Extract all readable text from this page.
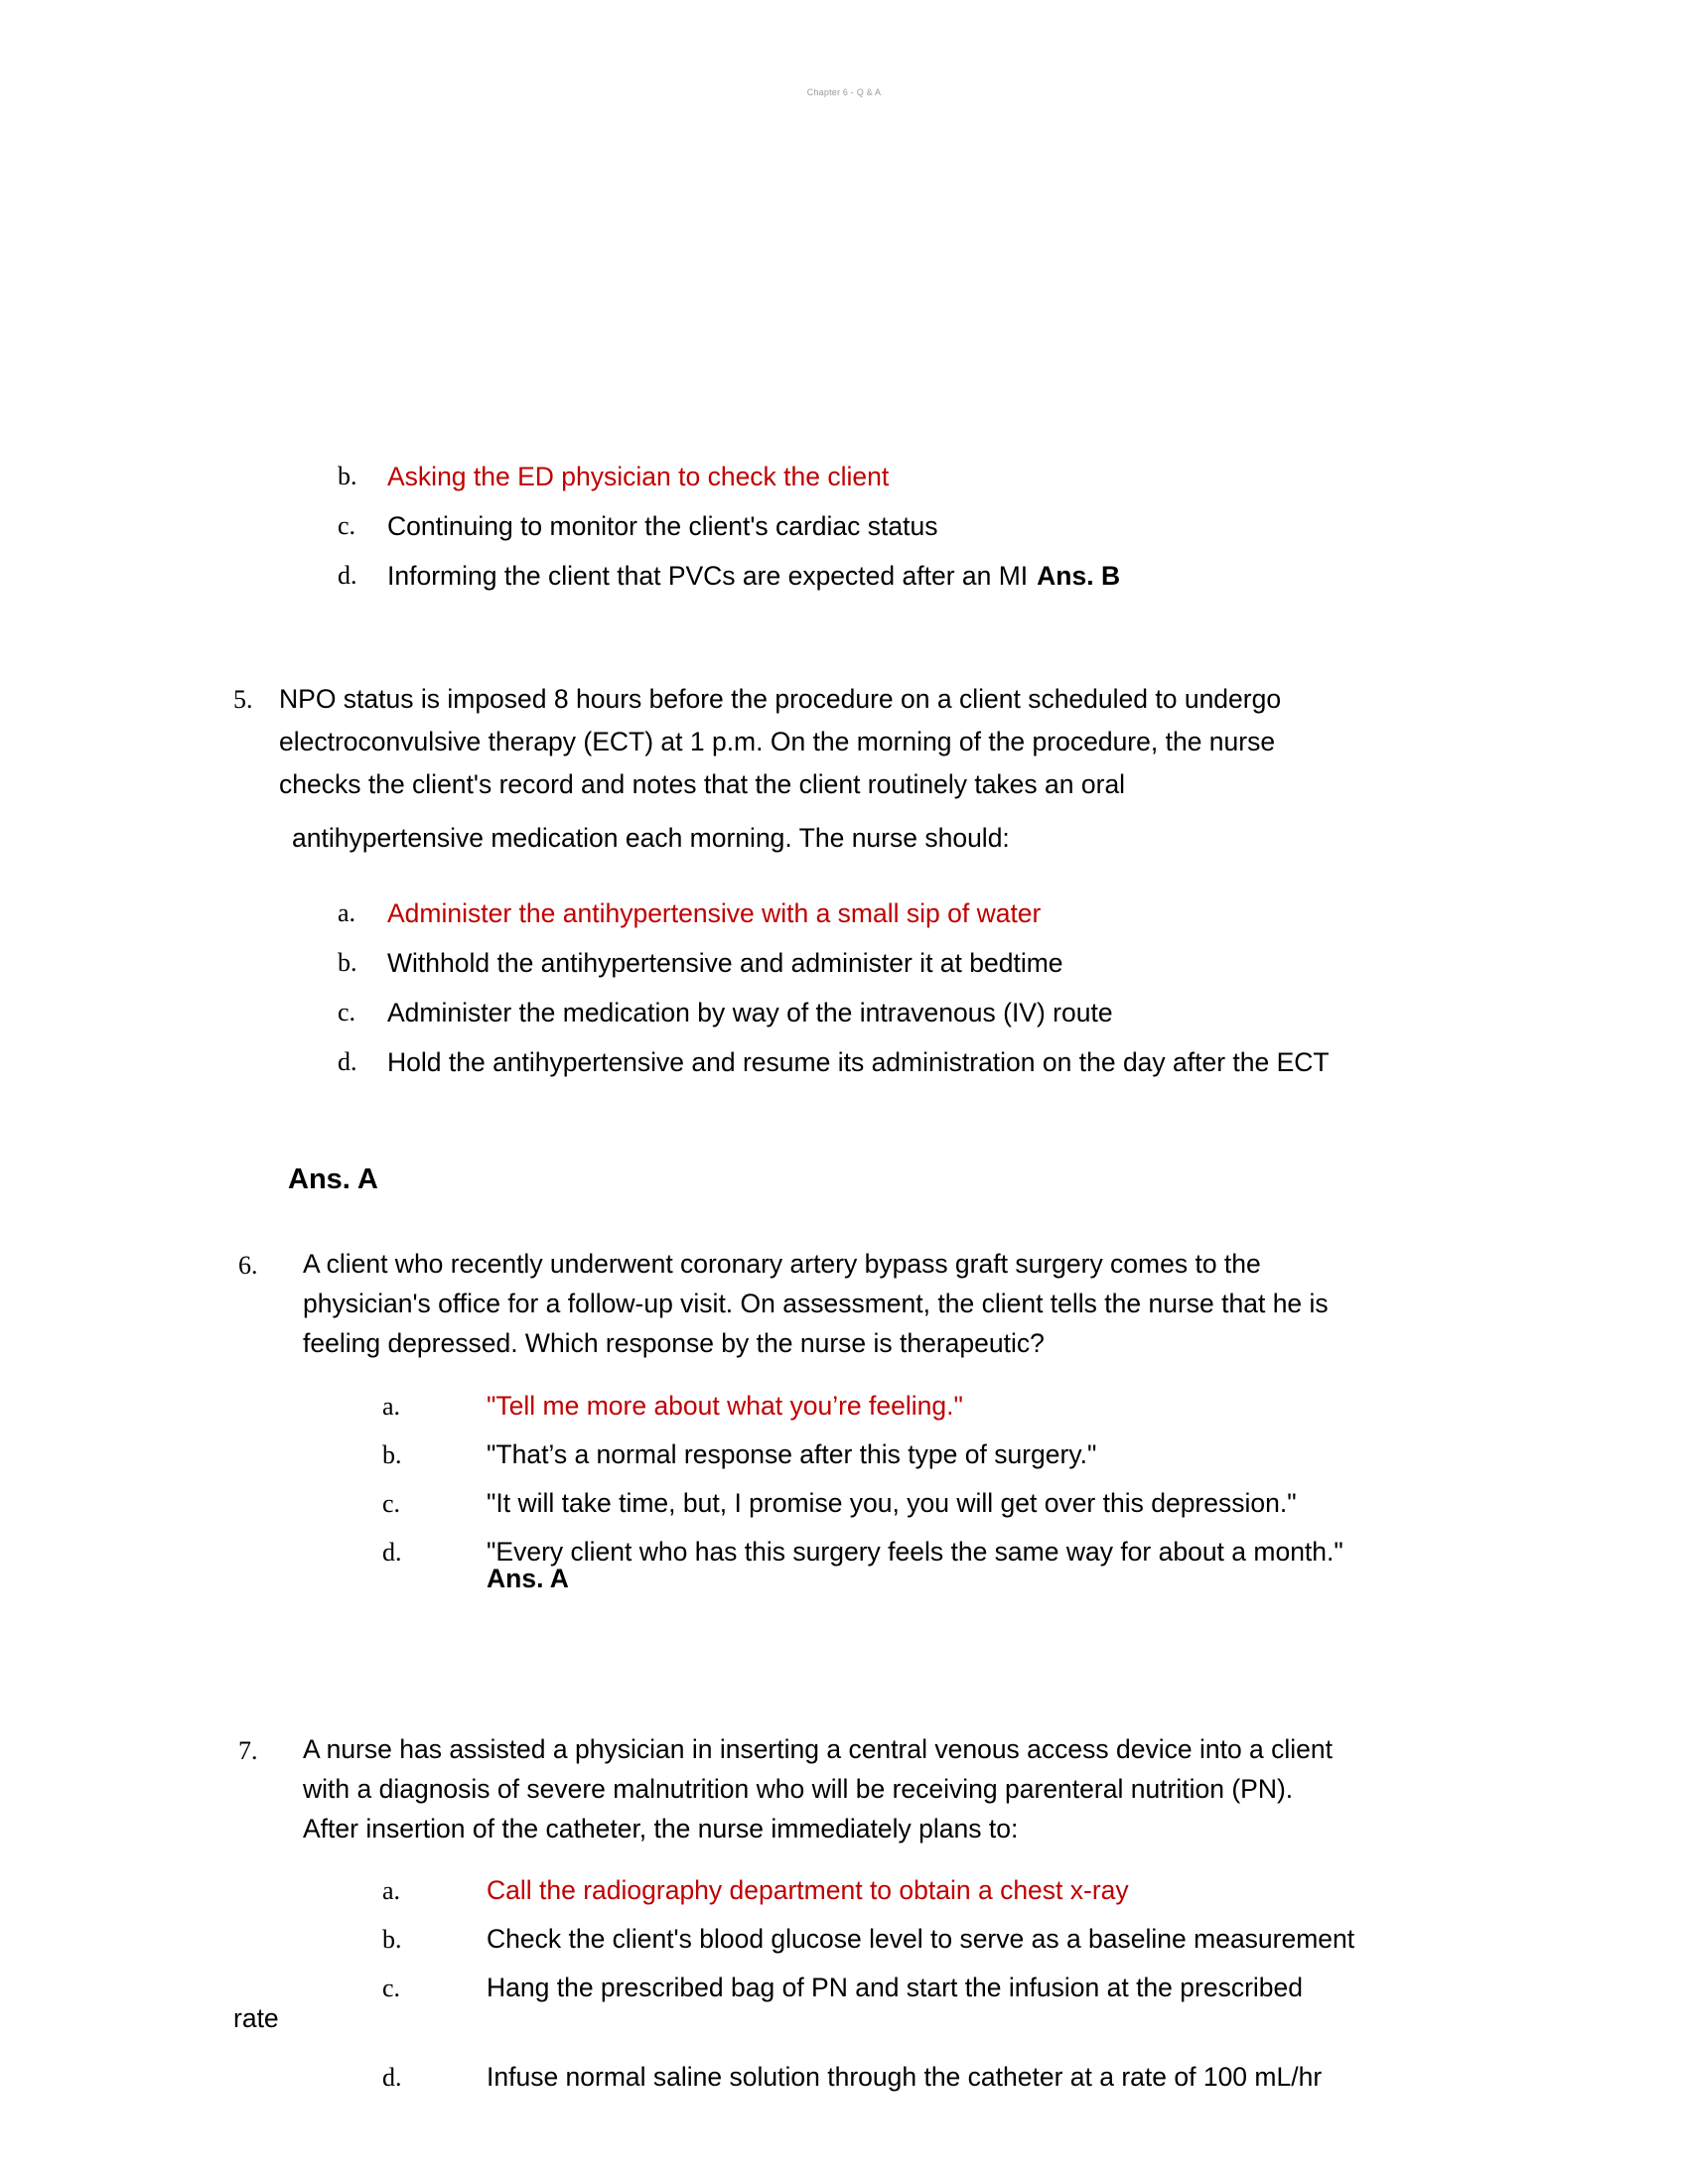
Chapter 6 - Q & A
b.	Asking the ED physician to check the client
c.	Continuing to monitor the client's cardiac status
d.	Informing the client that PVCs are expected after an MI Ans. B
5.	NPO status is imposed 8 hours before the procedure on a client scheduled to undergo

electroconvulsive therapy (ECT) at 1 p.m. On the morning of the procedure, the nurse

checks the client's record and notes that the client routinely takes an oral

antihypertensive medication each morning. The nurse should:
a.	Administer the antihypertensive with a small sip of water
b.	Withhold the antihypertensive and administer it at bedtime
c.	Administer the medication by way of the intravenous (IV) route
d.	Hold the antihypertensive and resume its administration on the day after the ECT
Ans. A
6.	A client who recently underwent coronary artery bypass graft surgery comes to the

physician's office for a follow-up visit. On assessment, the client tells the nurse that he is

feeling depressed. Which response by the nurse is therapeutic?

a.	"Tell me more about what you’re feeling."
b.	"That’s a normal response after this type of surgery."
c.	"It will take time, but, I promise you, you will get over this depression."
d.	"Every client who has this surgery feels the same way for about a month."
Ans. A
7.	A nurse has assisted a physician in inserting a central venous access device into a client

with a diagnosis of severe malnutrition who will be receiving parenteral nutrition (PN).

After insertion of the catheter, the nurse immediately plans to:

a.	Call the radiography department to obtain a chest x-ray
b.	Check the client's blood glucose level to serve as a baseline measurement
c.	Hang the prescribed bag of PN and start the infusion at the prescribed
rate
d.	Infuse normal saline solution through the catheter at a rate of 100 mL/hr
